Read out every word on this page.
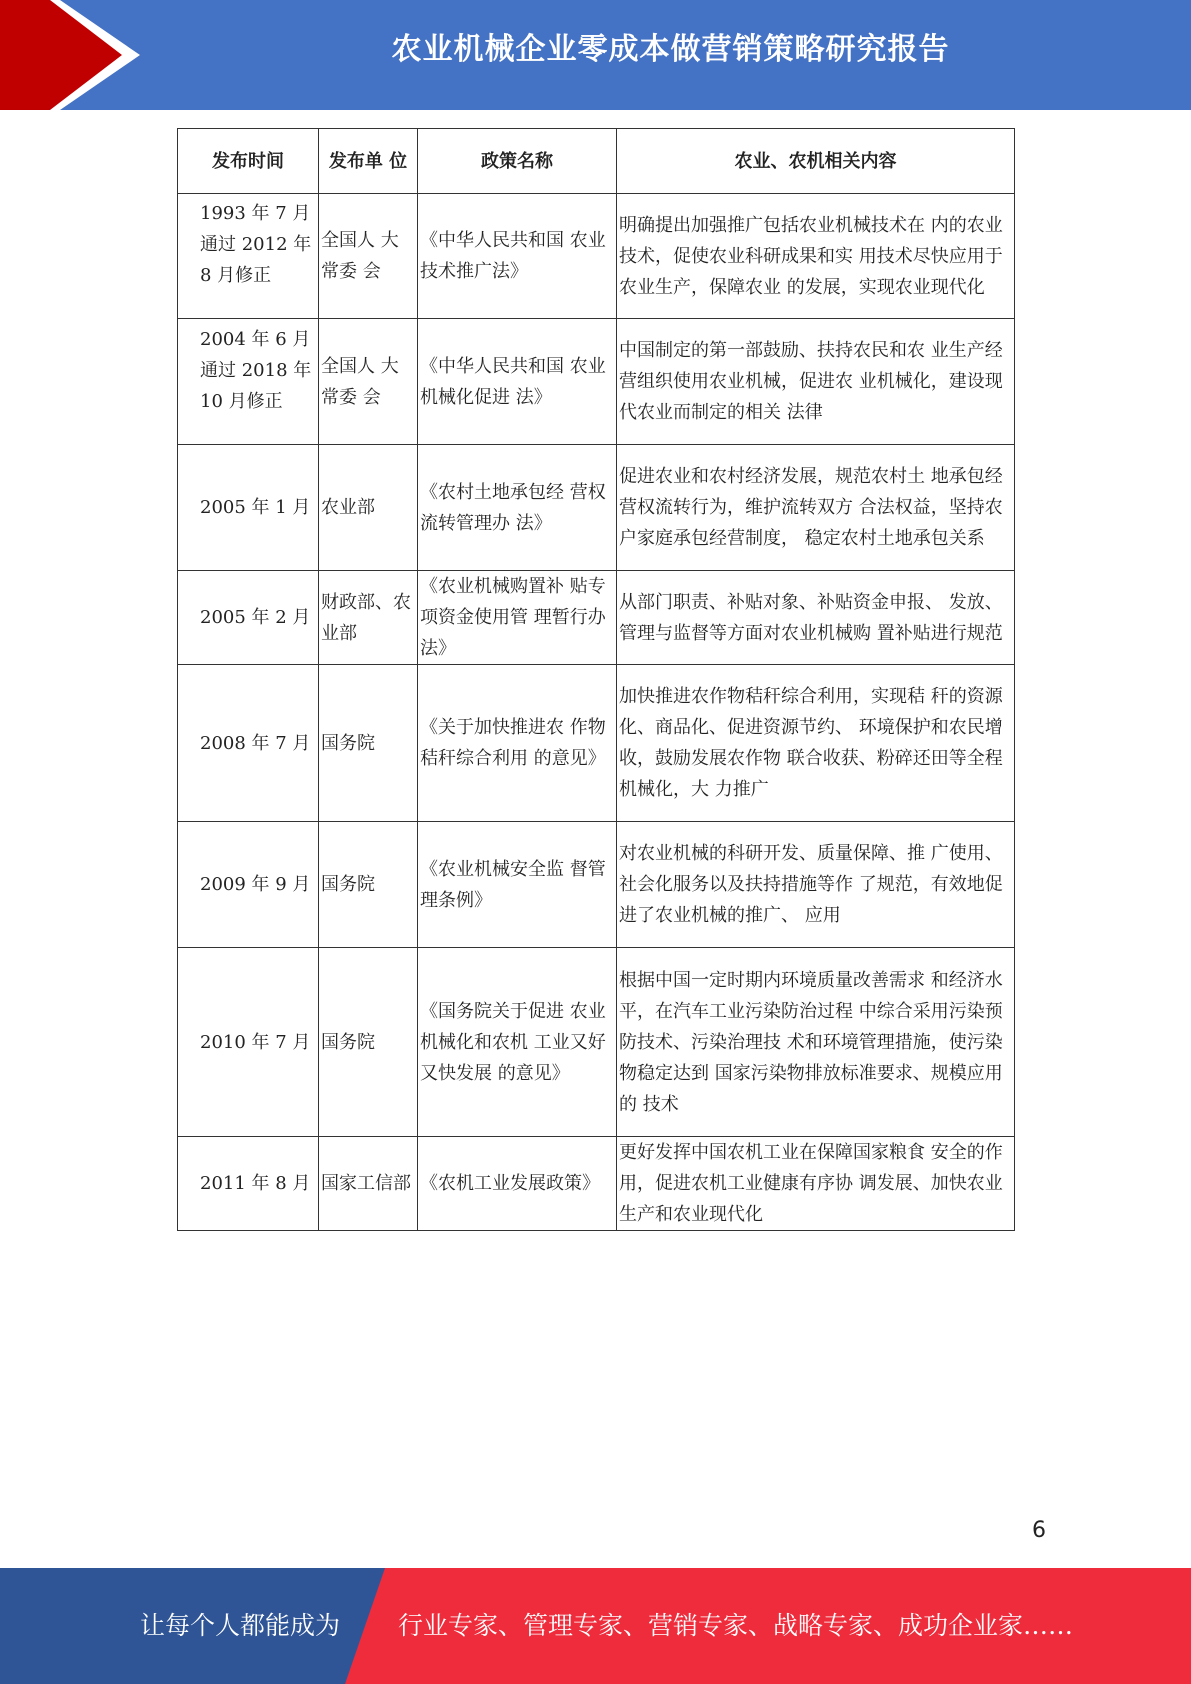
农业机械企业零成本做营销策略研究报告
发布时间	发布单 位	政策名称	农业、农机相关内容

1993 年 7 月通过 2012 年 8 月修正	全国人 大常委 会	《中华人民共和国 农业技术推广法》	明确提出加强推广包括农业机械技术在 内的农业技术，促使农业科研成果和实 用技术尽快应用于农业生产，保障农业 的发展，实现农业现代化

2004 年 6 月通过 2018 年 10 月修正	全国人 大常委 会	《中华人民共和国 农业机械化促进 法》	中国制定的第一部鼓励、扶持农民和农 业生产经营组织使用农业机械，促进农 业机械化，建设现代农业而制定的相关 法律
2005 年 1 月	农业部	《农村土地承包经 营权流转管理办 法》	促进农业和农村经济发展，规范农村土 地承包经营权流转行为，维护流转双方 合法权益，坚持农户家庭承包经营制度， 稳定农村土地承包关系
2005 年 2 月	财政部、农业部	《农业机械购置补 贴专项资金使用管 理暂行办法》	从部门职责、补贴对象、补贴资金申报、 发放、管理与监督等方面对农业机械购 置补贴进行规范
2008 年 7 月	国务院	《关于加快推进农 作物秸秆综合利用 的意见》	加快推进农作物秸秆综合利用，实现秸 秆的资源化、商品化、促进资源节约、 环境保护和农民增收，鼓励发展农作物 联合收获、粉碎还田等全程机械化，大 力推广
2009 年 9 月	国务院	《农业机械安全监 督管理条例》	对农业机械的科研开发、质量保障、推 广使用、社会化服务以及扶持措施等作 了规范，有效地促进了农业机械的推广、 应用
2010 年 7 月	国务院	《国务院关于促进 农业机械化和农机 工业又好又快发展 的意见》	根据中国一定时期内环境质量改善需求 和经济水平，在汽车工业污染防治过程 中综合采用污染预防技术、污染治理技 术和环境管理措施，使污染物稳定达到 国家污染物排放标准要求、规模应用的 技术
2011 年 8 月	国家工信部	《农机工业发展政策》	更好发挥中国农机工业在保障国家粮食 安全的作用，促进农机工业健康有序协 调发展、加快农业生产和农业现代化
6
让每个人都能成为 行业专家、管理专家、营销专家、战略专家、成功企业家……
